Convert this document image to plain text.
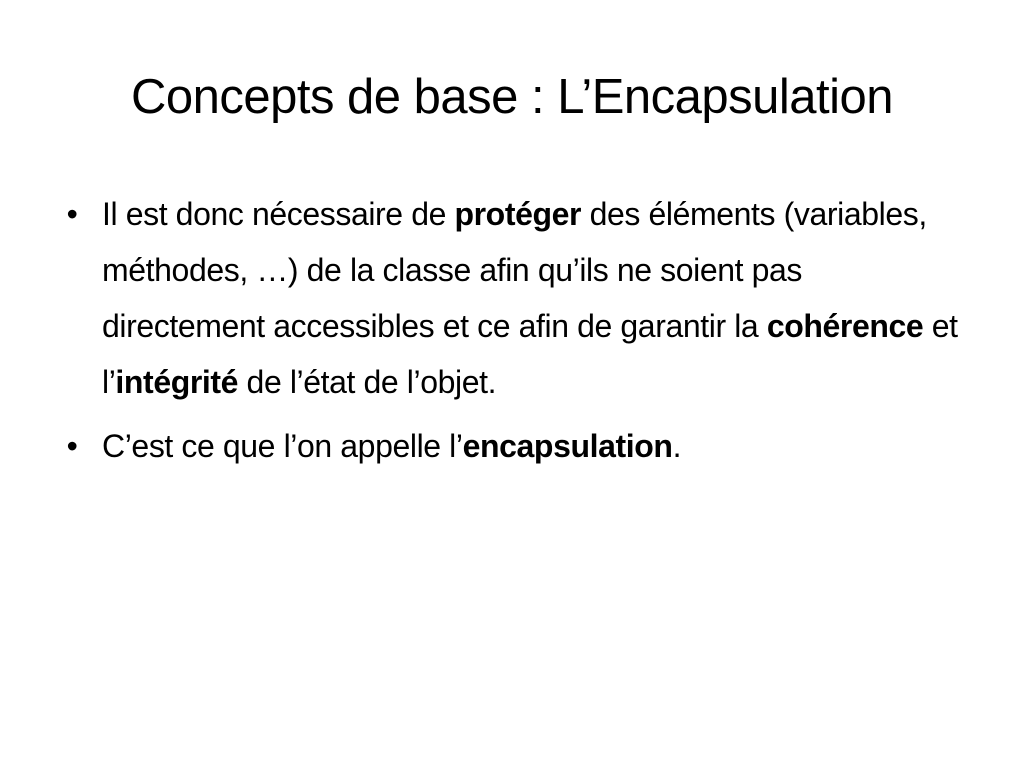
Concepts de base : L’Encapsulation
• Il est donc nécessaire de protéger des éléments (variables, méthodes, …) de la classe afin qu’ils ne soient pas directement accessibles et ce afin de garantir la cohérence et l’intégrité de l’état de l’objet.
• C’est ce que l’on appelle l’encapsulation.
